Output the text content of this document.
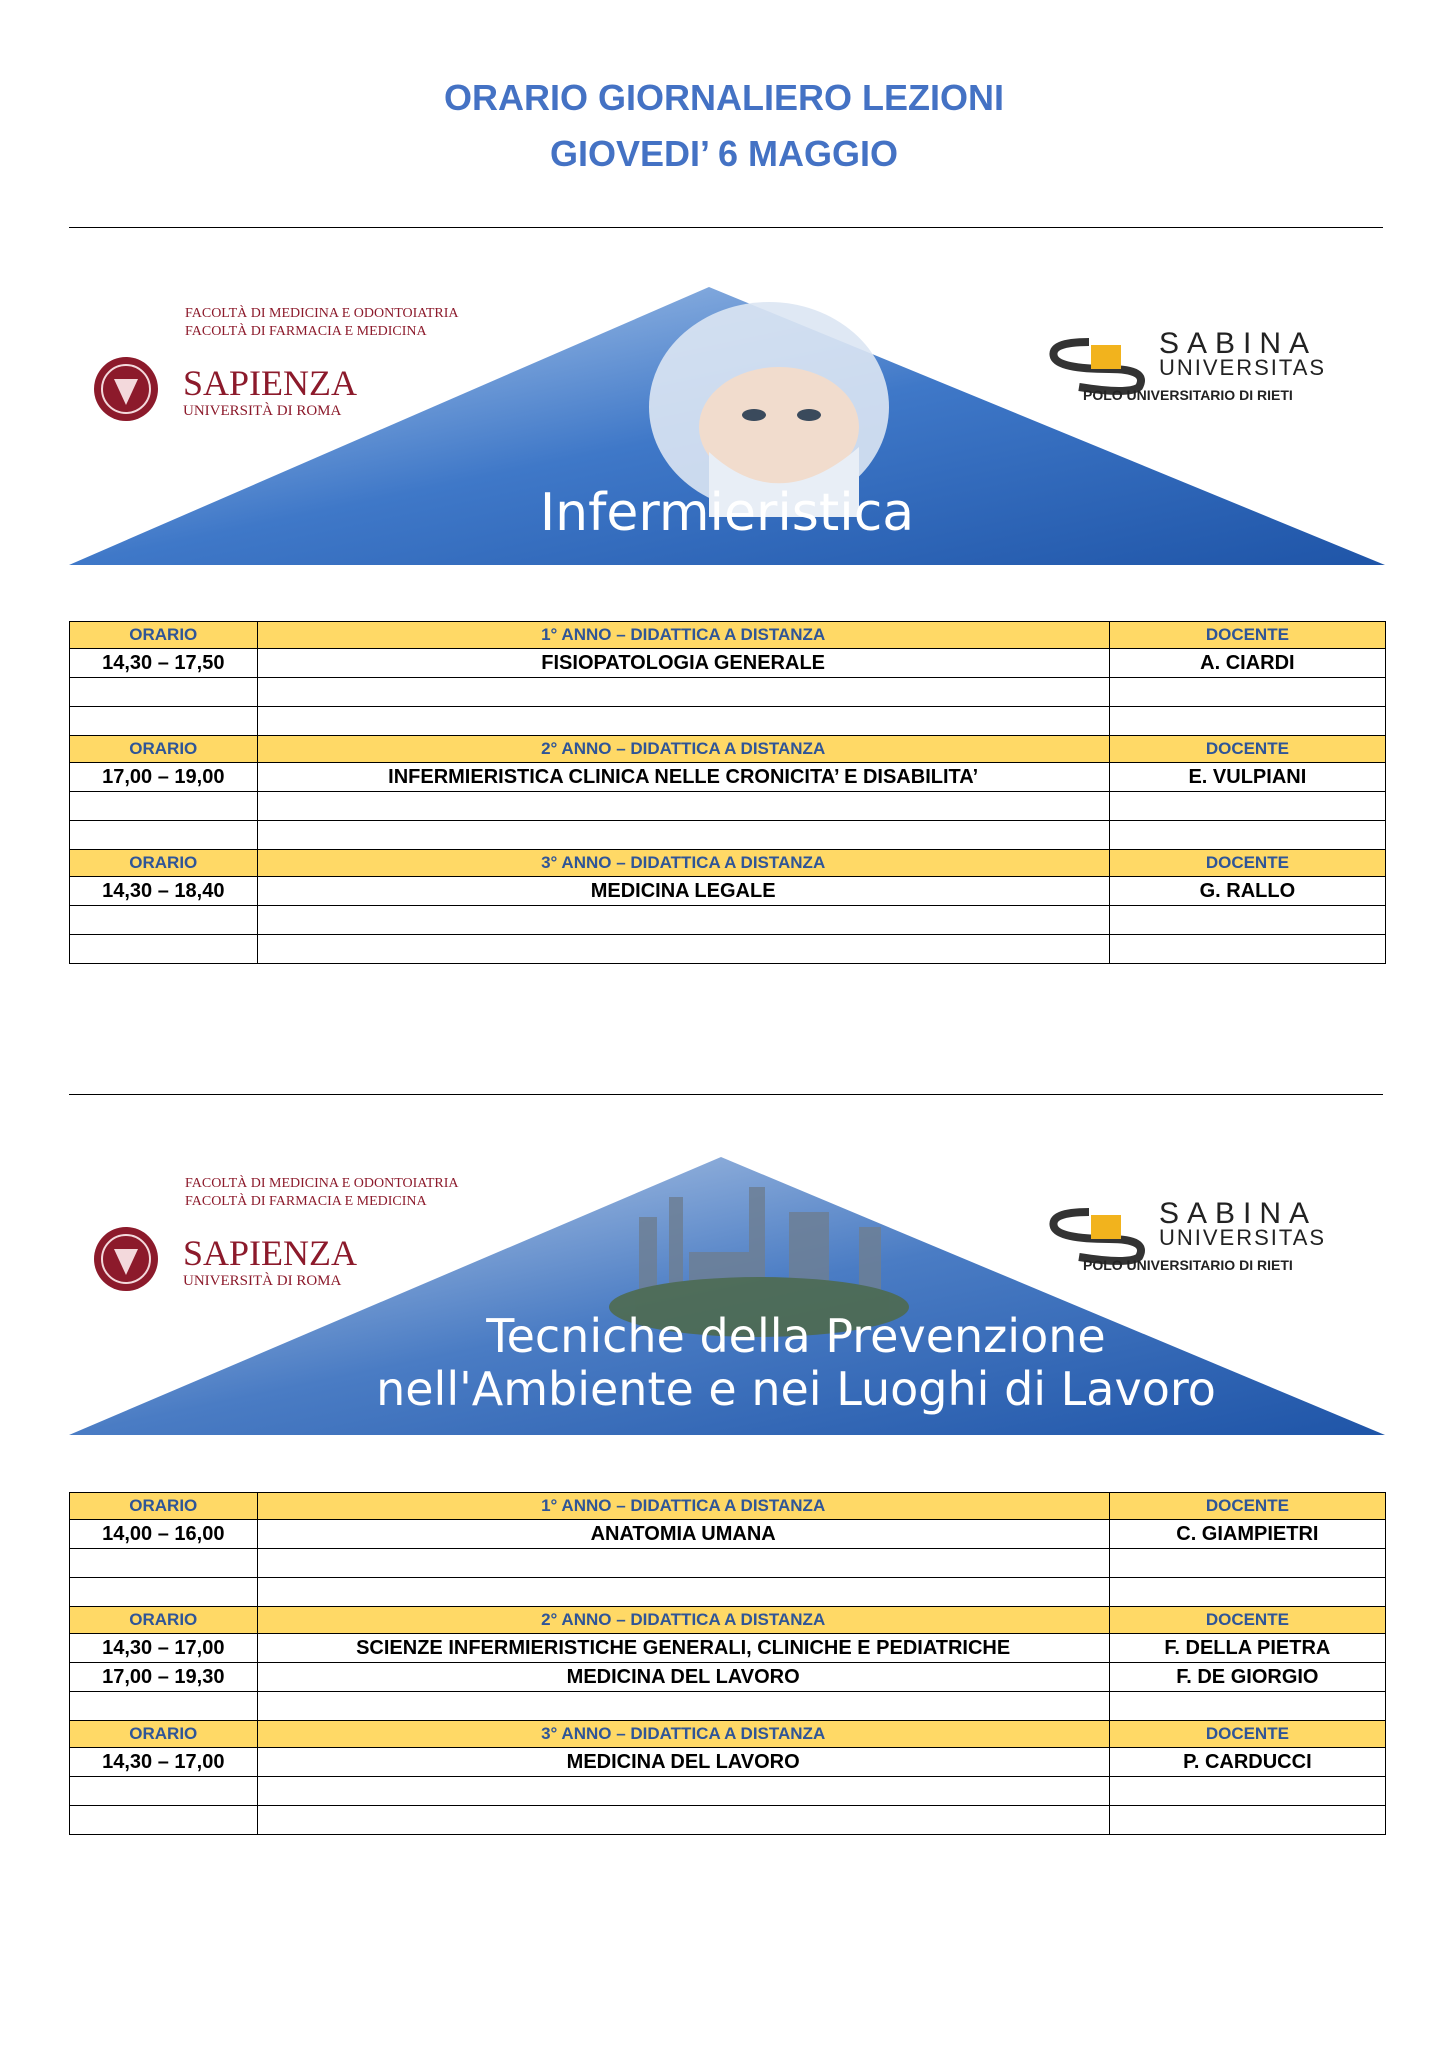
ORARIO GIORNALIERO LEZIONI
GIOVEDI’ 6 MAGGIO
FACOLTÀ DI MEDICINA E ODONTOIATRIA
FACOLTÀ DI FARMACIA E MEDICINA
SAPIENZA
UNIVERSITÀ DI ROMA
SABINA
UNIVERSITAS
POLO UNIVERSITARIO DI RIETI
Infermieristica
ORARIO	1° ANNO – DIDATTICA A DISTANZA	DOCENTE
14,30 – 17,50	FISIOPATOLOGIA GENERALE	A. CIARDI

ORARIO	2° ANNO – DIDATTICA A DISTANZA	DOCENTE
17,00 – 19,00	INFERMIERISTICA CLINICA NELLE CRONICITA’ E DISABILITA’	E. VULPIANI

ORARIO	3° ANNO – DIDATTICA A DISTANZA	DOCENTE
14,30 – 18,40	MEDICINA LEGALE	G. RALLO

FACOLTÀ DI MEDICINA E ODONTOIATRIA
FACOLTÀ DI FARMACIA E MEDICINA
SAPIENZA
UNIVERSITÀ DI ROMA
SABINA
UNIVERSITAS
POLO UNIVERSITARIO DI RIETI
Tecniche della Prevenzione
nell'Ambiente e nei Luoghi di Lavoro
ORARIO	1° ANNO – DIDATTICA A DISTANZA	DOCENTE
14,00 – 16,00	ANATOMIA UMANA	C. GIAMPIETRI

ORARIO	2° ANNO – DIDATTICA A DISTANZA	DOCENTE
14,30 – 17,00	SCIENZE INFERMIERISTICHE GENERALI, CLINICHE E PEDIATRICHE	F. DELLA PIETRA
17,00 – 19,30	MEDICINA DEL LAVORO	F. DE GIORGIO

ORARIO	3° ANNO – DIDATTICA A DISTANZA	DOCENTE
14,30 – 17,00	MEDICINA DEL LAVORO	P. CARDUCCI
